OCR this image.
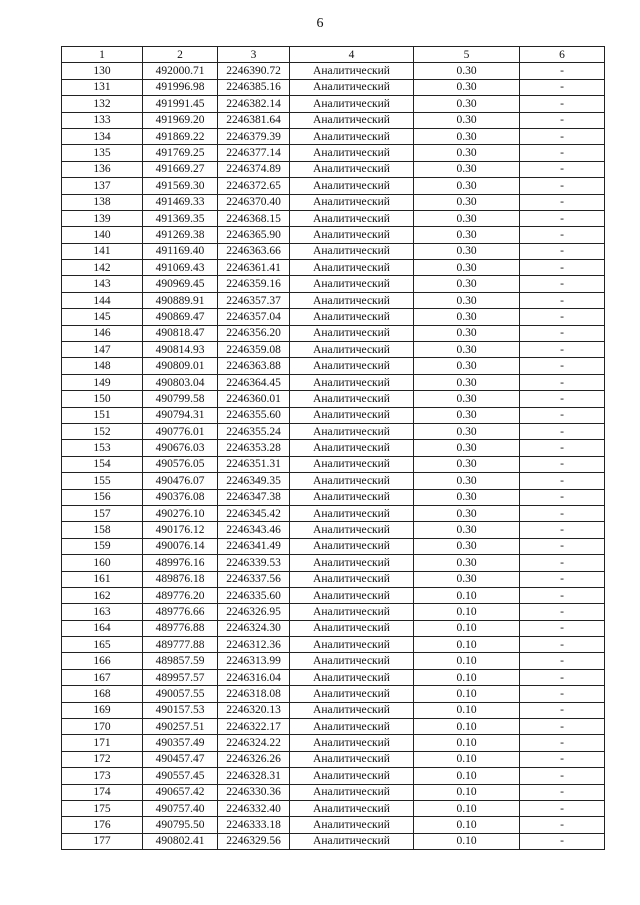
6
1	2	3	4	5	6
130	492000.71	2246390.72	Аналитический	0.30	-
131	491996.98	2246385.16	Аналитический	0.30	-
132	491991.45	2246382.14	Аналитический	0.30	-
133	491969.20	2246381.64	Аналитический	0.30	-
134	491869.22	2246379.39	Аналитический	0.30	-
135	491769.25	2246377.14	Аналитический	0.30	-
136	491669.27	2246374.89	Аналитический	0.30	-
137	491569.30	2246372.65	Аналитический	0.30	-
138	491469.33	2246370.40	Аналитический	0.30	-
139	491369.35	2246368.15	Аналитический	0.30	-
140	491269.38	2246365.90	Аналитический	0.30	-
141	491169.40	2246363.66	Аналитический	0.30	-
142	491069.43	2246361.41	Аналитический	0.30	-
143	490969.45	2246359.16	Аналитический	0.30	-
144	490889.91	2246357.37	Аналитический	0.30	-
145	490869.47	2246357.04	Аналитический	0.30	-
146	490818.47	2246356.20	Аналитический	0.30	-
147	490814.93	2246359.08	Аналитический	0.30	-
148	490809.01	2246363.88	Аналитический	0.30	-
149	490803.04	2246364.45	Аналитический	0.30	-
150	490799.58	2246360.01	Аналитический	0.30	-
151	490794.31	2246355.60	Аналитический	0.30	-
152	490776.01	2246355.24	Аналитический	0.30	-
153	490676.03	2246353.28	Аналитический	0.30	-
154	490576.05	2246351.31	Аналитический	0.30	-
155	490476.07	2246349.35	Аналитический	0.30	-
156	490376.08	2246347.38	Аналитический	0.30	-
157	490276.10	2246345.42	Аналитический	0.30	-
158	490176.12	2246343.46	Аналитический	0.30	-
159	490076.14	2246341.49	Аналитический	0.30	-
160	489976.16	2246339.53	Аналитический	0.30	-
161	489876.18	2246337.56	Аналитический	0.30	-
162	489776.20	2246335.60	Аналитический	0.10	-
163	489776.66	2246326.95	Аналитический	0.10	-
164	489776.88	2246324.30	Аналитический	0.10	-
165	489777.88	2246312.36	Аналитический	0.10	-
166	489857.59	2246313.99	Аналитический	0.10	-
167	489957.57	2246316.04	Аналитический	0.10	-
168	490057.55	2246318.08	Аналитический	0.10	-
169	490157.53	2246320.13	Аналитический	0.10	-
170	490257.51	2246322.17	Аналитический	0.10	-
171	490357.49	2246324.22	Аналитический	0.10	-
172	490457.47	2246326.26	Аналитический	0.10	-
173	490557.45	2246328.31	Аналитический	0.10	-
174	490657.42	2246330.36	Аналитический	0.10	-
175	490757.40	2246332.40	Аналитический	0.10	-
176	490795.50	2246333.18	Аналитический	0.10	-
177	490802.41	2246329.56	Аналитический	0.10	-
